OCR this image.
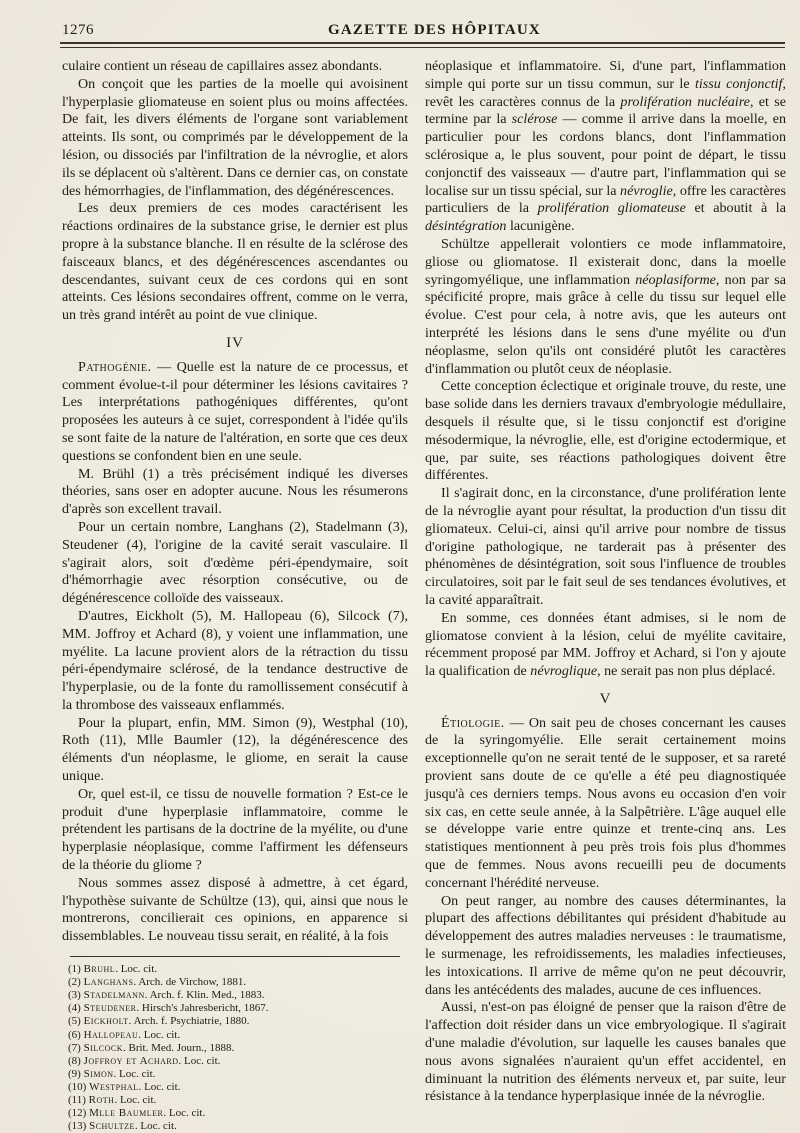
1276	GAZETTE DES HÔPITAUX

culaire contient un réseau de capillaires assez abondants.

On conçoit que les parties de la moelle qui avoisinent l'hyperplasie gliomateuse en soient plus ou moins affectées. De fait, les divers éléments de l'organe sont variablement atteints. Ils sont, ou comprimés par le développement de la lésion, ou dissociés par l'infiltration de la névroglie, et alors ils se déplacent où s'altèrent. Dans ce dernier cas, on constate des hémorrhagies, de l'inflammation, des dégénérescences.

Les deux premiers de ces modes caractérisent les réactions ordinaires de la substance grise, le dernier est plus propre à la substance blanche. Il en résulte de la sclérose des faisceaux blancs, et des dégénérescences ascendantes ou descendantes, suivant ceux de ces cordons qui en sont atteints. Ces lésions secondaires offrent, comme on le verra, un très grand intérêt au point de vue clinique.

IV

Pathogénie. — Quelle est la nature de ce processus, et comment évolue-t-il pour déterminer les lésions cavitaires ? Les interprétations pathogéniques différentes, qu'ont proposées les auteurs à ce sujet, correspondent à l'idée qu'ils se sont faite de la nature de l'altération, en sorte que ces deux questions se confondent bien en une seule.

M. Brühl (1) a très précisément indiqué les diverses théories, sans oser en adopter aucune. Nous les résumerons d'après son excellent travail.

Pour un certain nombre, Langhans (2), Stadelmann (3), Steudener (4), l'origine de la cavité serait vasculaire. Il s'agirait alors, soit d'œdème péri-épendymaire, soit d'hémorrhagie avec résorption consécutive, ou de dégénérescence colloïde des vaisseaux.

D'autres, Eickholt (5), M. Hallopeau (6), Silcock (7), MM. Joffroy et Achard (8), y voient une inflammation, une myélite. La lacune provient alors de la rétraction du tissu péri-épendymaire sclérosé, de la tendance destructive de l'hyperplasie, ou de la fonte du ramollissement consécutif à la thrombose des vaisseaux enflammés.

Pour la plupart, enfin, MM. Simon (9), Westphal (10), Roth (11), Mlle Baumler (12), la dégénérescence des éléments d'un néoplasme, le gliome, en serait la cause unique.

Or, quel est-il, ce tissu de nouvelle formation ? Est-ce le produit d'une hyperplasie inflammatoire, comme le prétendent les partisans de la doctrine de la myélite, ou d'une hyperplasie néoplasique, comme l'affirment les défenseurs de la théorie du gliome ?

Nous sommes assez disposé à admettre, à cet égard, l'hypothèse suivante de Schültze (13), qui, ainsi que nous le montrerons, concilierait ces opinions, en apparence si dissemblables. Le nouveau tissu serait, en réalité, à la fois

(1) Bruhl. Loc. cit.
(2) Langhans. Arch. de Virchow, 1881.
(3) Stadelmann. Arch. f. Klin. Med., 1883.
(4) Steudener. Hirsch's Jahresbericht, 1867.
(5) Eickholt. Arch. f. Psychiatrie, 1880.
(6) Hallopeau. Loc. cit.
(7) Silcock. Brit. Med. Journ., 1888.
(8) Joffroy et Achard. Loc. cit.
(9) Simon. Loc. cit.
(10) Westphal. Loc. cit.
(11) Roth. Loc. cit.
(12) Mlle Baumler. Loc. cit.
(13) Schultze. Loc. cit.

néoplasique et inflammatoire. Si, d'une part, l'inflammation simple qui porte sur un tissu commun, sur le tissu conjonctif, revêt les caractères connus de la prolifération nucléaire, et se termine par la sclérose — comme il arrive dans la moelle, en particulier pour les cordons blancs, dont l'inflammation sclérosique a, le plus souvent, pour point de départ, le tissu conjonctif des vaisseaux — d'autre part, l'inflammation qui se localise sur un tissu spécial, sur la névroglie, offre les caractères particuliers de la prolifération gliomateuse et aboutit à la désintégration lacunigène.

Schültze appellerait volontiers ce mode inflammatoire, gliose ou gliomatose. Il existerait donc, dans la moelle syringomyélique, une inflammation néoplasiforme, non par sa spécificité propre, mais grâce à celle du tissu sur lequel elle évolue. C'est pour cela, à notre avis, que les auteurs ont interprété les lésions dans le sens d'une myélite ou d'un néoplasme, selon qu'ils ont considéré plutôt les caractères d'inflammation ou plutôt ceux de néoplasie.

Cette conception éclectique et originale trouve, du reste, une base solide dans les derniers travaux d'embryologie médullaire, desquels il résulte que, si le tissu conjonctif est d'origine mésodermique, la névroglie, elle, est d'origine ectodermique, et que, par suite, ses réactions pathologiques doivent être différentes.

Il s'agirait donc, en la circonstance, d'une prolifération lente de la névroglie ayant pour résultat, la production d'un tissu dit gliomateux. Celui-ci, ainsi qu'il arrive pour nombre de tissus d'origine pathologique, ne tarderait pas à présenter des phénomènes de désintégration, soit sous l'influence de troubles circulatoires, soit par le fait seul de ses tendances évolutives, et la cavité apparaîtrait.

En somme, ces données étant admises, si le nom de gliomatose convient à la lésion, celui de myélite cavitaire, récemment proposé par MM. Joffroy et Achard, si l'on y ajoute la qualification de névroglique, ne serait pas non plus déplacé.

V

Étiologie. — On sait peu de choses concernant les causes de la syringomyélie. Elle serait certainement moins exceptionnelle qu'on ne serait tenté de le supposer, et sa rareté provient sans doute de ce qu'elle a été peu diagnostiquée jusqu'à ces derniers temps. Nous avons eu occasion d'en voir six cas, en cette seule année, à la Salpêtrière. L'âge auquel elle se développe varie entre quinze et trente-cinq ans. Les statistiques mentionnent à peu près trois fois plus d'hommes que de femmes. Nous avons recueilli peu de documents concernant l'hérédité nerveuse.

On peut ranger, au nombre des causes déterminantes, la plupart des affections débilitantes qui président d'habitude au développement des autres maladies nerveuses : le traumatisme, le surmenage, les refroidissements, les maladies infectieuses, les intoxications. Il arrive de même qu'on ne peut découvrir, dans les antécédents des malades, aucune de ces influences.

Aussi, n'est-on pas éloigné de penser que la raison d'être de l'affection doit résider dans un vice embryologique. Il s'agirait d'une maladie d'évolution, sur laquelle les causes banales que nous avons signalées n'auraient qu'un effet accidentel, en diminuant la nutrition des éléments nerveux et, par suite, leur résistance à la tendance hyperplasique innée de la névroglie.
